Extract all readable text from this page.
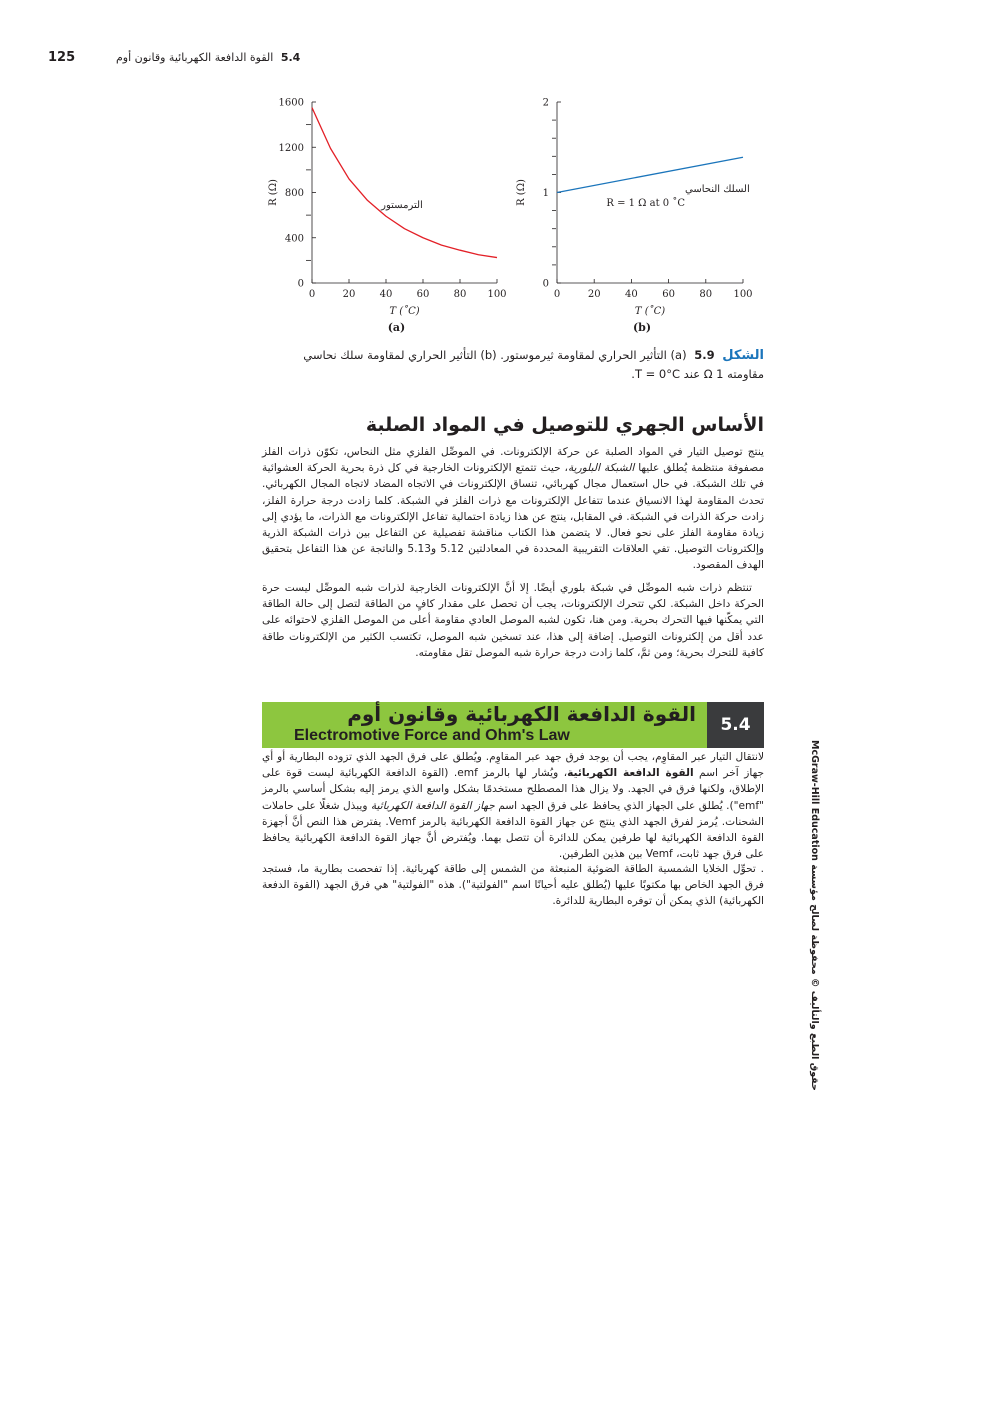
125	5.4 القوة الدافعة الكهربائية وقانون أوم
0	20 40 60 80 100
0
400
800
1200
1600
T (˚C)
R (Ω)
(a)
الترمستور
0	20 40 60 80 100
0
1
2
T (˚C)
R (Ω)
(b)
السلك النحاسي
R = 1 Ω at 0 ˚C
الشكل 5.9 (a) التأثير الحراري لمقاومة ثيرموستور. (b) التأثير الحراري لمقاومة سلك نحاسي مقاومته 1 Ω عند T = 0°C.
الأساس الجهري للتوصيل في المواد الصلبة

ينتج توصيل التيار في المواد الصلبة عن حركة الإلكترونات. في الموصِّل الفلزي مثل النحاس، تكوّن ذرات الفلز مصفوفة منتظمة يُطلق عليها الشبكة البلورية، حيث تتمتع الإلكترونات الخارجية في كل ذرة بحرية الحركة العشوائية في تلك الشبكة. في حال استعمال مجال كهربائي، تنساق الإلكترونات في الاتجاه المضاد لاتجاه المجال الكهربائي. تحدث المقاومة لهذا الانسياق عندما تتفاعل الإلكترونات مع ذرات الفلز في الشبكة. كلما زادت درجة حرارة الفلز، زادت حركة الذرات في الشبكة. في المقابل، ينتج عن هذا زيادة احتمالية تفاعل الإلكترونات مع الذرات، ما يؤدي إلى زيادة مقاومة الفلز على نحو فعال. لا يتضمن هذا الكتاب مناقشة تفصيلية عن التفاعل بين ذرات الشبكة الذرية وإلكترونات التوصيل. تفي العلاقات التقريبية المحددة في المعادلتين 5.12 و5.13 والناتجة عن هذا التفاعل بتحقيق الهدف المقصود.

تنتظم ذرات شبه الموصِّل في شبكة بلوري أيضًا. إلا أنَّ الإلكترونات الخارجية لذرات شبه الموصِّل ليست حرة الحركة داخل الشبكة. لكي تتحرك الإلكترونات، يجب أن تحصل على مقدار كافٍ من الطاقة لتصل إلى حالة الطاقة التي يمكّنها فيها التحرك بحرية. ومن هنا، تكون لشبه الموصل العادي مقاومة أعلى من الموصل الفلزي لاحتوائه على عدد أقل من إلكترونات التوصيل. إضافة إلى هذا، عند تسخين شبه الموصل، تكتسب الكثير من الإلكترونات طاقة كافية للتحرك بحرية؛ ومن ثمَّ، كلما زادت درجة حرارة شبه الموصل تقل مقاومته.

القوة الدافعة الكهربائية وقانون أوم
Electromotive Force and Ohm's Law
5.4

لانتقال التيار عبر المقاوِم، يجب أن يوجد فرق جهد عبر المقاوِم. ويُطلق على فرق الجهد الذي تزوده البطارية أو أي جهاز آخر اسم القوة الدافعة الكهربائية، ويُشار لها بالرمز emf. (القوة الدافعة الكهربائية ليست قوة على الإطلاق، ولكنها فرق في الجهد. ولا يزال هذا المصطلح مستخدمًا بشكل واسع الذي يرمز إليه بشكل أساسي بالرمز "emf"). يُطلق على الجهاز الذي يحافظ على فرق الجهد اسم جهاز القوة الدافعة الكهربائية ويبذل شغلًا على حاملات الشحنات. يُرمز لفرق الجهد الذي ينتج عن جهاز القوة الدافعة الكهربائية بالرمز Vemf. يفترض هذا النص أنَّ أجهزة القوة الدافعة الكهربائية لها طرفين يمكن للدائرة أن تتصل بهما. ويُفترض أنَّ جهاز القوة الدافعة الكهربائية يحافظ على فرق جهد ثابت، Vemf بين هذين الطرفين.

. تحوِّل الخلايا الشمسية الطاقة الضوئية المنبعثة من الشمس إلى طاقة كهربائية. إذا تفحصت بطارية ما، فستجد فرق الجهد الخاص بها مكتوبًا عليها (يُطلق عليه أحيانًا اسم "الفولتية"). هذه "الفولتية" هي فرق الجهد (القوة الدفعة الكهربائية) الذي يمكن أن توفره البطارية للدائرة.

حقوق الطبع والتأليف © محفوظة لصالح مؤسسة McGraw-Hill Education
